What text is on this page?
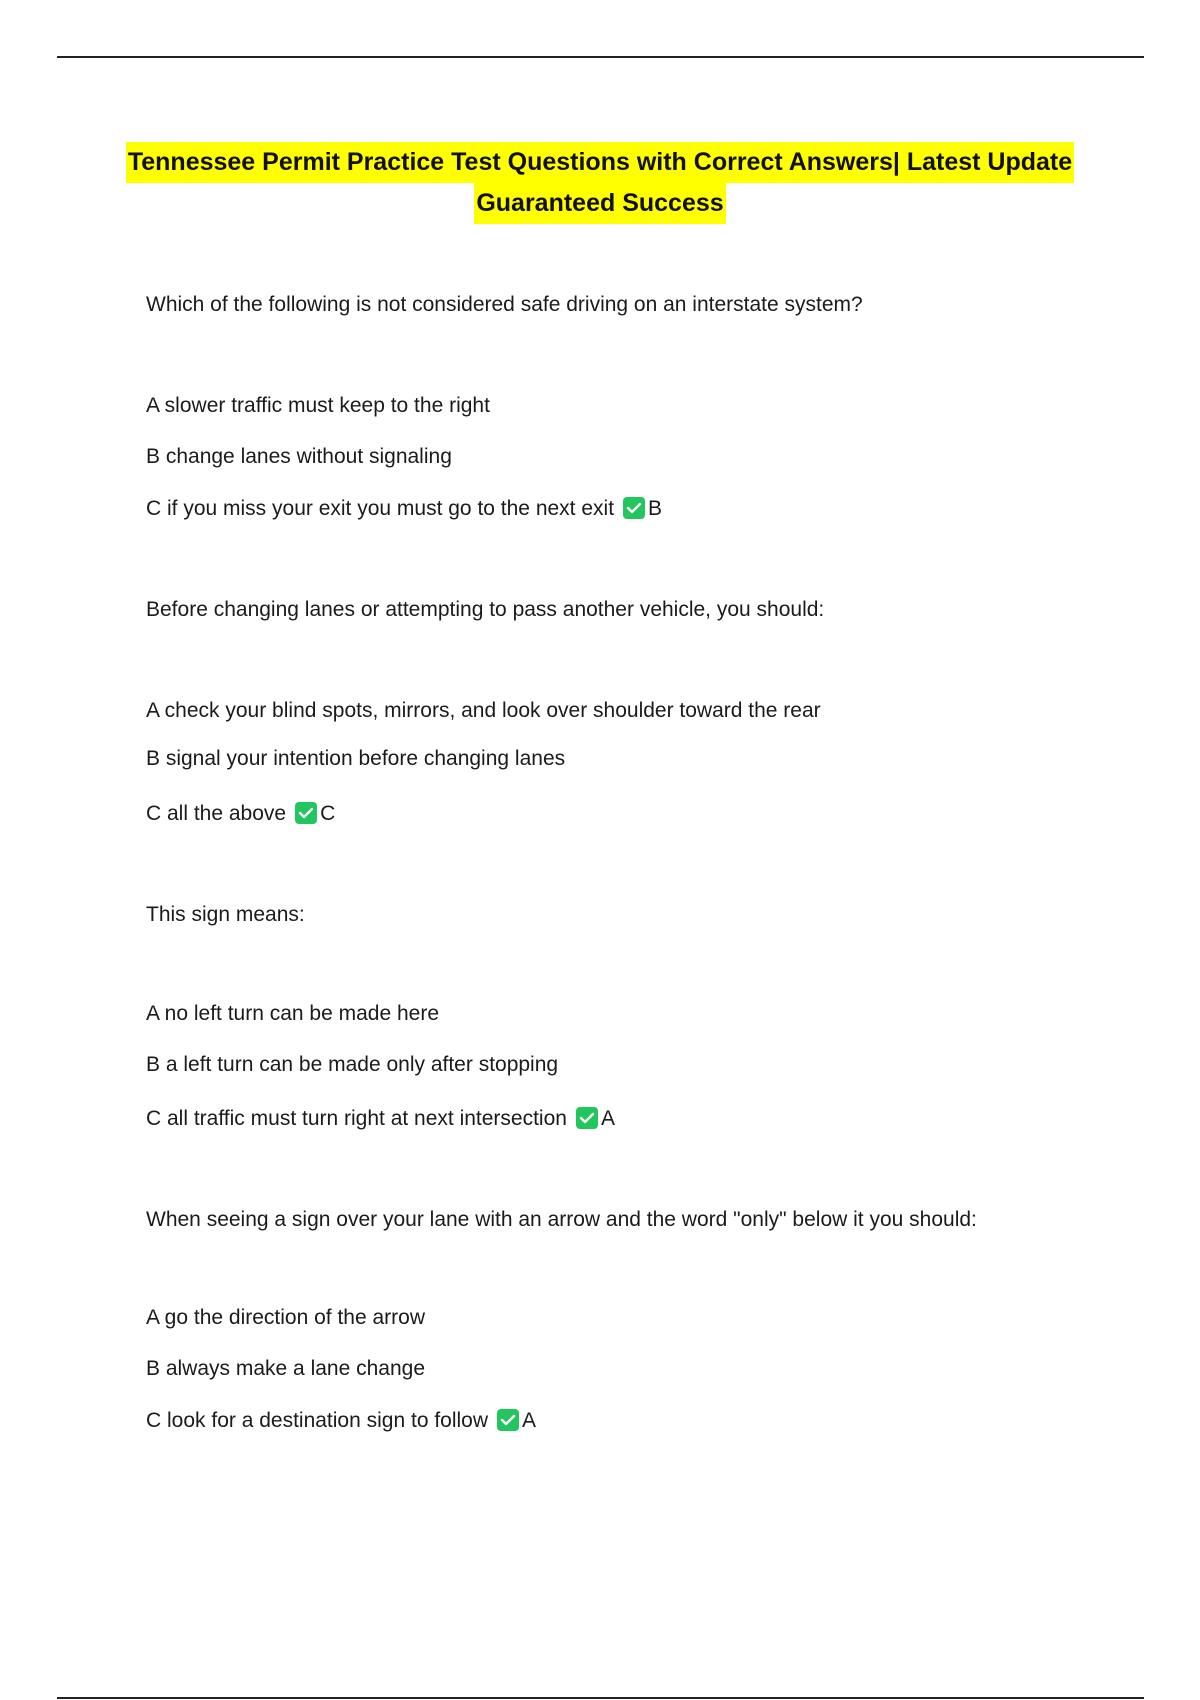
Tennessee Permit Practice Test Questions with Correct Answers| Latest Update
Guaranteed Success
Which of the following is not considered safe driving on an interstate system?
A slower traffic must keep to the right
B change lanes without signaling
C if you miss your exit you must go to the next exit B
Before changing lanes or attempting to pass another vehicle, you should:
A check your blind spots, mirrors, and look over shoulder toward the rear
B signal your intention before changing lanes
C all the above C
This sign means:
A no left turn can be made here
B a left turn can be made only after stopping
C all traffic must turn right at next intersection A
When seeing a sign over your lane with an arrow and the word "only" below it you should:
A go the direction of the arrow
B always make a lane change
C look for a destination sign to follow A
